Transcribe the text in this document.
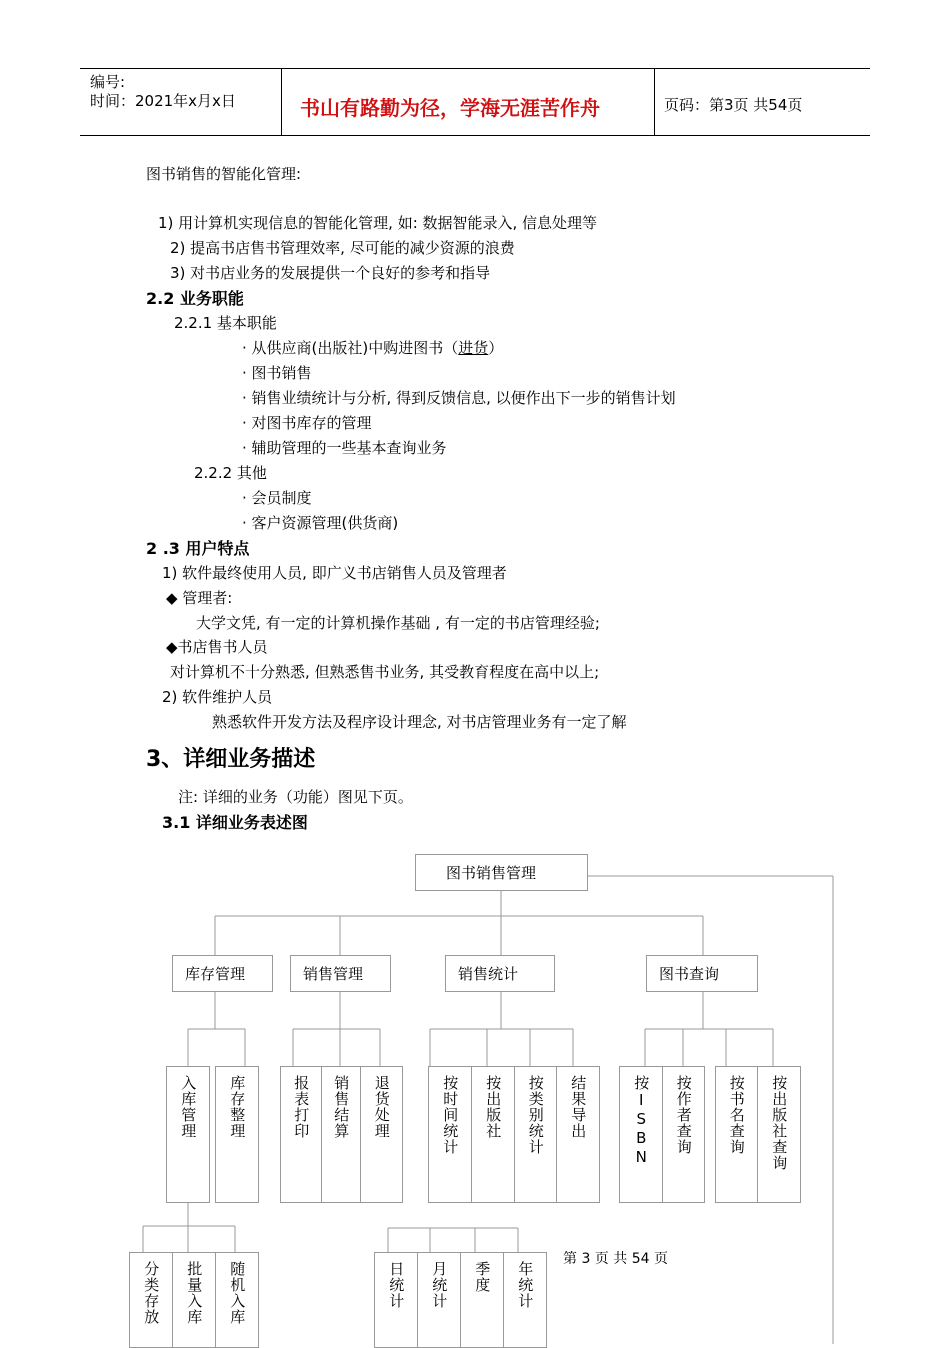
编号:
时间：2021年x月x日	书山有路勤为径，学海无涯苦作舟	页码：第3页 共54页
图书销售的智能化管理:
1) 用计算机实现信息的智能化管理, 如: 数据智能录入, 信息处理等
2) 提高书店售书管理效率, 尽可能的减少资源的浪费
3) 对书店业务的发展提供一个良好的参考和指导
2.2 业务职能
2.2.1 基本职能
· 从供应商(出版社)中购进图书（进货）
· 图书销售
· 销售业绩统计与分析, 得到反馈信息, 以便作出下一步的销售计划
· 对图书库存的管理
· 辅助管理的一些基本查询业务
2.2.2 其他
· 会员制度
· 客户资源管理(供货商)
2 .3 用户特点
1) 软件最终使用人员, 即广义书店销售人员及管理者
◆ 管理者:
大学文凭, 有一定的计算机操作基础 , 有一定的书店管理经验;
◆书店售书人员
对计算机不十分熟悉, 但熟悉售书业务, 其受教育程度在高中以上;
2) 软件维护人员
熟悉软件开发方法及程序设计理念, 对书店管理业务有一定了解
3、详细业务描述
注: 详细的业务（功能）图见下页。
3.1 详细业务表述图
图书销售管理
库存管理	销售管理	销售统计	图书查询
入库管理 库存整理	报表打印 销售结算 退货处理	按时间统计 按出版社 按类别统计 结果导出	按ISBN 按作者查询 按书名查询 按出版社查询
分类存放 批量入库 随机入库	日统计 月统计 季度 年统计
第 3 页 共 54 页
